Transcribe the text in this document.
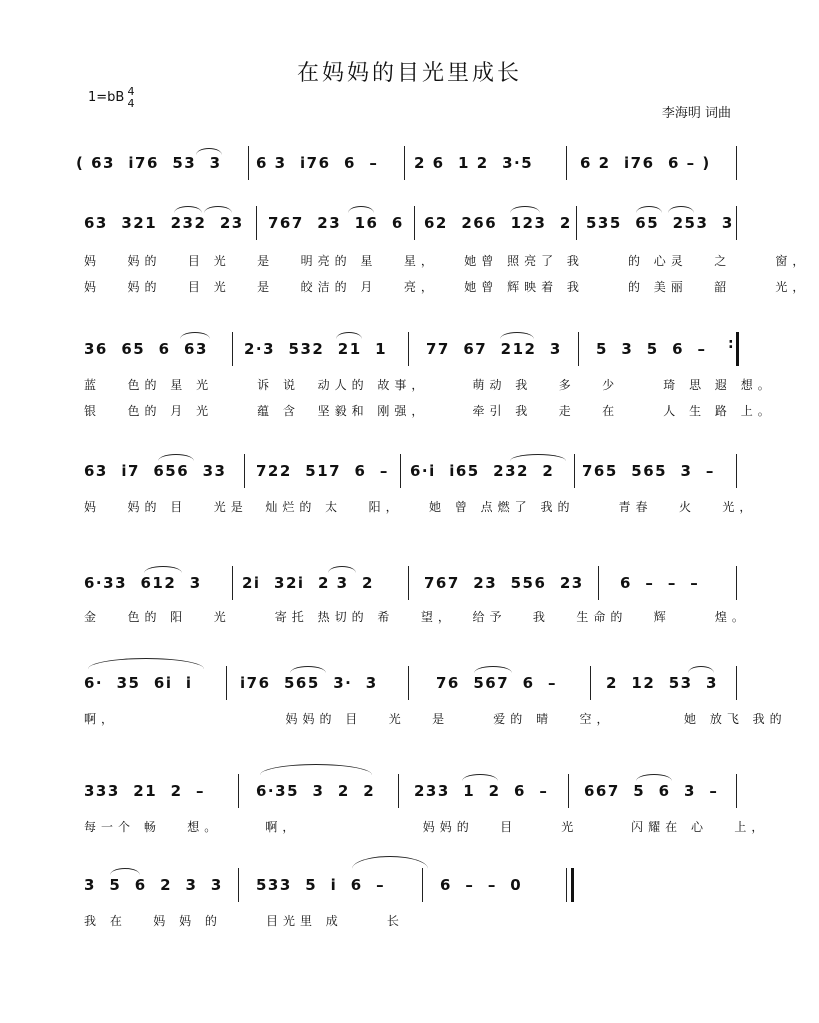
在妈妈的目光里成长
1=bB 4
4
李海明 词曲
( 63  i76  53  3 6 3  i76  6  – 2 6  1 2  3·5	6 2  i76  6 – )
63  321  232  23 767  23  16  6 62  266  123  2 535  65  253  3
妈   妈的   目 光   是   明亮的 星   星，   她曾 照亮了 我     的 心灵   之     窗，
妈   妈的   目 光   是   皎洁的 月   亮，   她曾 辉映着 我     的 美丽   韶     光，
36  65  6  63 2·3  532  21  1	77  67  212  3 5  3  5  6  – :
蓝   色的 星 光     诉 说  动人的 故事，     萌动 我   多   少     琦 思 遐 想。
银   色的 月 光     蕴 含  坚毅和 刚强，     牵引 我   走   在     人 生 路 上。
63  i7  656  33 722  517  6  – 6·i  i65  232  2 765  565  3  –
妈   妈的 目   光是  灿烂的 太   阳，   她 曾 点燃了 我的     青春   火   光，
6·33  612  3	2i  32i  2 3  2	767  23  556  23 6  –  –  –
金   色的 阳   光     寄托 热切的 希   望，  给予   我   生命的   辉     煌。
6·  35  6i  i	i76  565  3·  3	76  567  6  –	2  12  53  3
啊，                   妈妈的 目   光   是     爱的 晴   空，        她 放飞 我的
333  21  2  –	6·35  3  2  2	233  1  2  6  – 667  5  6  3  –
每一个 畅   想。     啊，              妈妈的   目     光      闪耀在 心   上，
3  5  6  2  3  3 533  5  i  6  –	6  –  –  0
我 在   妈 妈 的     目光里 成     长
